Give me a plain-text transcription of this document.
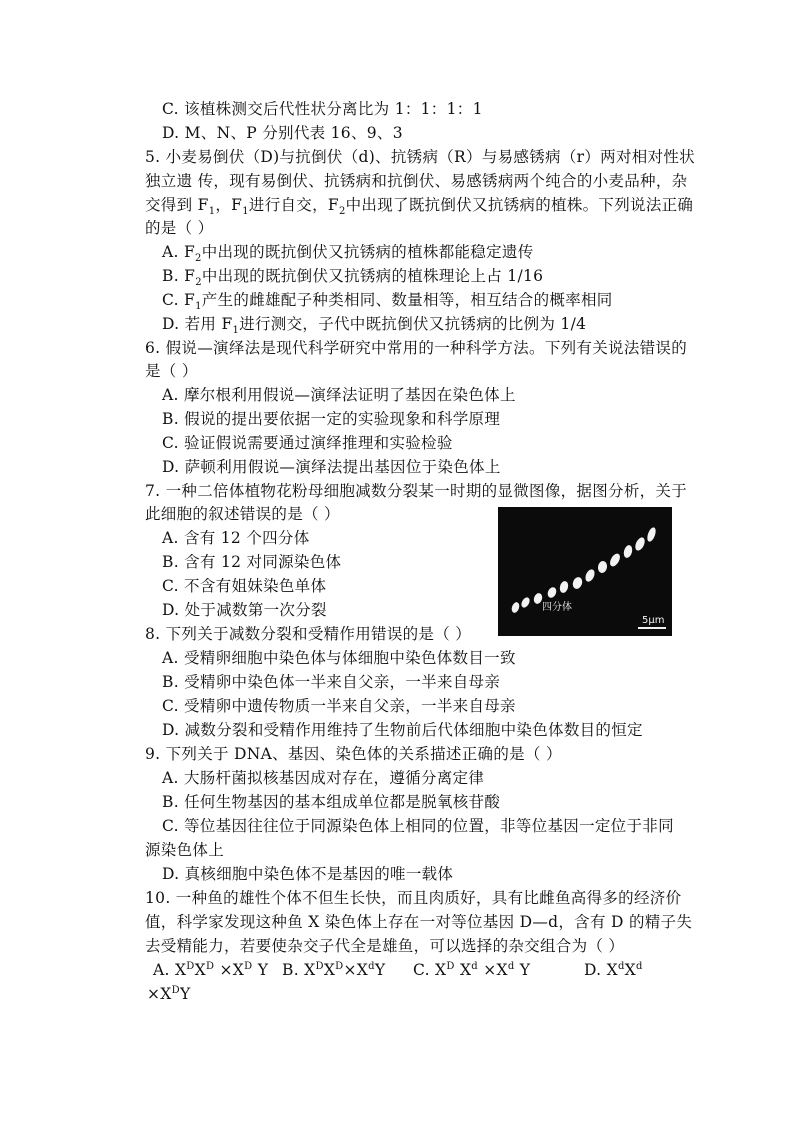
C. 该植株测交后代性状分离比为 1：1：1：1
D. M、N、P 分别代表 16、9、3
5. 小麦易倒伏（D)与抗倒伏（d)、抗锈病（R）与易感锈病（r）两对相对性状
独立遗 传，现有易倒伏、抗锈病和抗倒伏、易感锈病两个纯合的小麦品种，杂
交得到 $F_1$，$F_1$进行自交，$F_2$中出现了既抗倒伏又抗锈病的植株。下列说法正确
的是（ ）
A. $F_2$中出现的既抗倒伏又抗锈病的植株都能稳定遗传
B. $F_2$中出现的既抗倒伏又抗锈病的植株理论上占 1/16
C. $F_1$产生的雌雄配子种类相同、数量相等，相互结合的概率相同
D. 若用 $F_1$进行测交，子代中既抗倒伏又抗锈病的比例为 1/4
6. 假说—演绎法是现代科学研究中常用的一种科学方法。下列有关说法错误的
是（ ）
A. 摩尔根利用假说—演绎法证明了基因在染色体上
B. 假说的提出要依据一定的实验现象和科学原理
C. 验证假说需要通过演绎推理和实验检验
D. 萨顿利用假说—演绎法提出基因位于染色体上
7. 一种二倍体植物花粉母细胞减数分裂某一时期的显微图像，据图分析，关于
此细胞的叙述错误的是（ ）
A. 含有 12 个四分体
B. 含有 12 对同源染色体
C. 不含有姐妹染色单体
D. 处于减数第一次分裂	四分体
5μm
8. 下列关于减数分裂和受精作用错误的是（ ）
A. 受精卵细胞中染色体与体细胞中染色体数目一致
B. 受精卵中染色体一半来自父亲，一半来自母亲
C. 受精卵中遗传物质一半来自父亲，一半来自母亲
D. 减数分裂和受精作用维持了生物前后代体细胞中染色体数目的恒定
9. 下列关于 DNA、基因、染色体的关系描述正确的是（ ）
A. 大肠杆菌拟核基因成对存在，遵循分离定律
B. 任何生物基因的基本组成单位都是脱氧核苷酸
C. 等位基因往往位于同源染色体上相同的位置，非等位基因一定位于非同
源染色体上
D. 真核细胞中染色体不是基因的唯一载体
10. 一种鱼的雄性个体不但生长快，而且肉质好，具有比雌鱼高得多的经济价
值，科学家发现这种鱼 X 染色体上存在一对等位基因 D—d，含有 D 的精子失
去受精能力，若要使杂交子代全是雄鱼，可以选择的杂交组合为（ ）
A. $X^DX^D \times X^D$ Y B. $X^DX^D\times X^dY$ C. $X^D$ $X^d \times X^d$ Y	D. $X^dX^d$
$\times X^DY$
